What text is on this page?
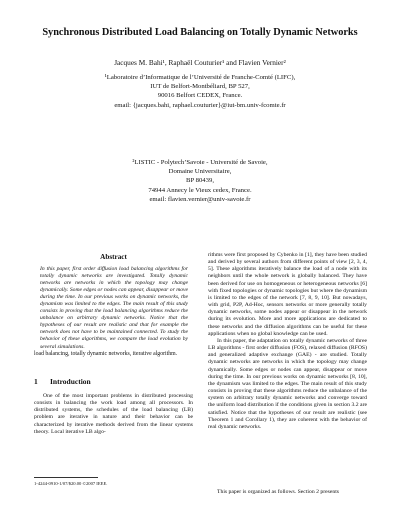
Synchronous Distributed Load Balancing on Totally Dynamic Networks
Jacques M. Bahi¹, Raphaël Couturier¹ and Flavien Vernier²
¹Laboratoire d’Informatique de l’Université de Franche-Comté (LIFC),
IUT de Belfort-Montbéliard, BP 527,
90016 Belfort CEDEX, France.
email: {jacques.bahi, raphael.couturier}@iut-bm.univ-fcomte.fr
²LISTIC - Polytech’Savoie - Université de Savoie,
Domaine Universitaire,
BP 80439,
74944 Annecy le Vieux cedex, France.
email: flavien.vernier@univ-savoie.fr
Abstract

In this paper, first order diffusion load balancing algorithms for totally dynamic networks are investigated. Totally dynamic networks are networks in which the topology may change dynamically. Some edges or nodes can appear, disappear or move during the time. In our previous works on dynamic networks, the dynamism was limited to the edges. The main result of this study consists in proving that the load balancing algorithms reduce the unbalance on arbitrary dynamic networks. Notice that the hypotheses of our result are realistic and that for example the network does not have to be maintained connected. To study the behavior of these algorithms, we compare the load evolution by several simulations.

load balancing, totally dynamic networks, iterative algorithm.

1 Introduction

One of the most important problems in distributed processing consists in balancing the work load among all processors. In distributed systems, the schedules of the load balancing (LB) problem are iterative in nature and their behavior can be characterized by iterative methods derived from the linear systems theory. Local iterative LB algo-

1-4244-0910-1/07/$20.00 ©2007 IEEE.

rithms were first proposed by Cybenko in [1], they have been studied and derived by several authors from different points of view [2, 3, 4, 5]. These algorithms iteratively balance the load of a node with its neighbors until the whole network is globally balanced. They have been derived for use on homogeneous or heterogeneous networks [6] with fixed topologies or dynamic topologies but where the dynamism is limited to the edges of the network [7, 8, 9, 10]. But nowadays, with grid, P2P, Ad-Hoc, sensors networks or more generally totally dynamic networks, some nodes appear or disappear in the network during its evolution. More and more applications are dedicated to these networks and the diffusion algorithms can be useful for these applications when no global knowledge can be used.

In this paper, the adaptation on totally dynamic networks of three LB algorithms - first order diffusion (FOS), relaxed diffusion (RFOS) and generalized adaptive exchange (GAE) - are studied. Totally dynamic networks are networks in which the topology may change dynamically. Some edges or nodes can appear, disappear or move during the time. In our previous works on dynamic networks [8, 10], the dynamism was limited to the edges. The main result of this study consists in proving that these algorithms reduce the unbalance of the system on arbitrary totally dynamic networks and converge toward the uniform load distribution if the conditions given in section 3.2 are satisfied. Notice that the hypotheses of our result are realistic (see Theorem 1 and Corollary 1), they are coherent with the behavior of real dynamic networks.

This paper is organized as follows. Section 2 presents
